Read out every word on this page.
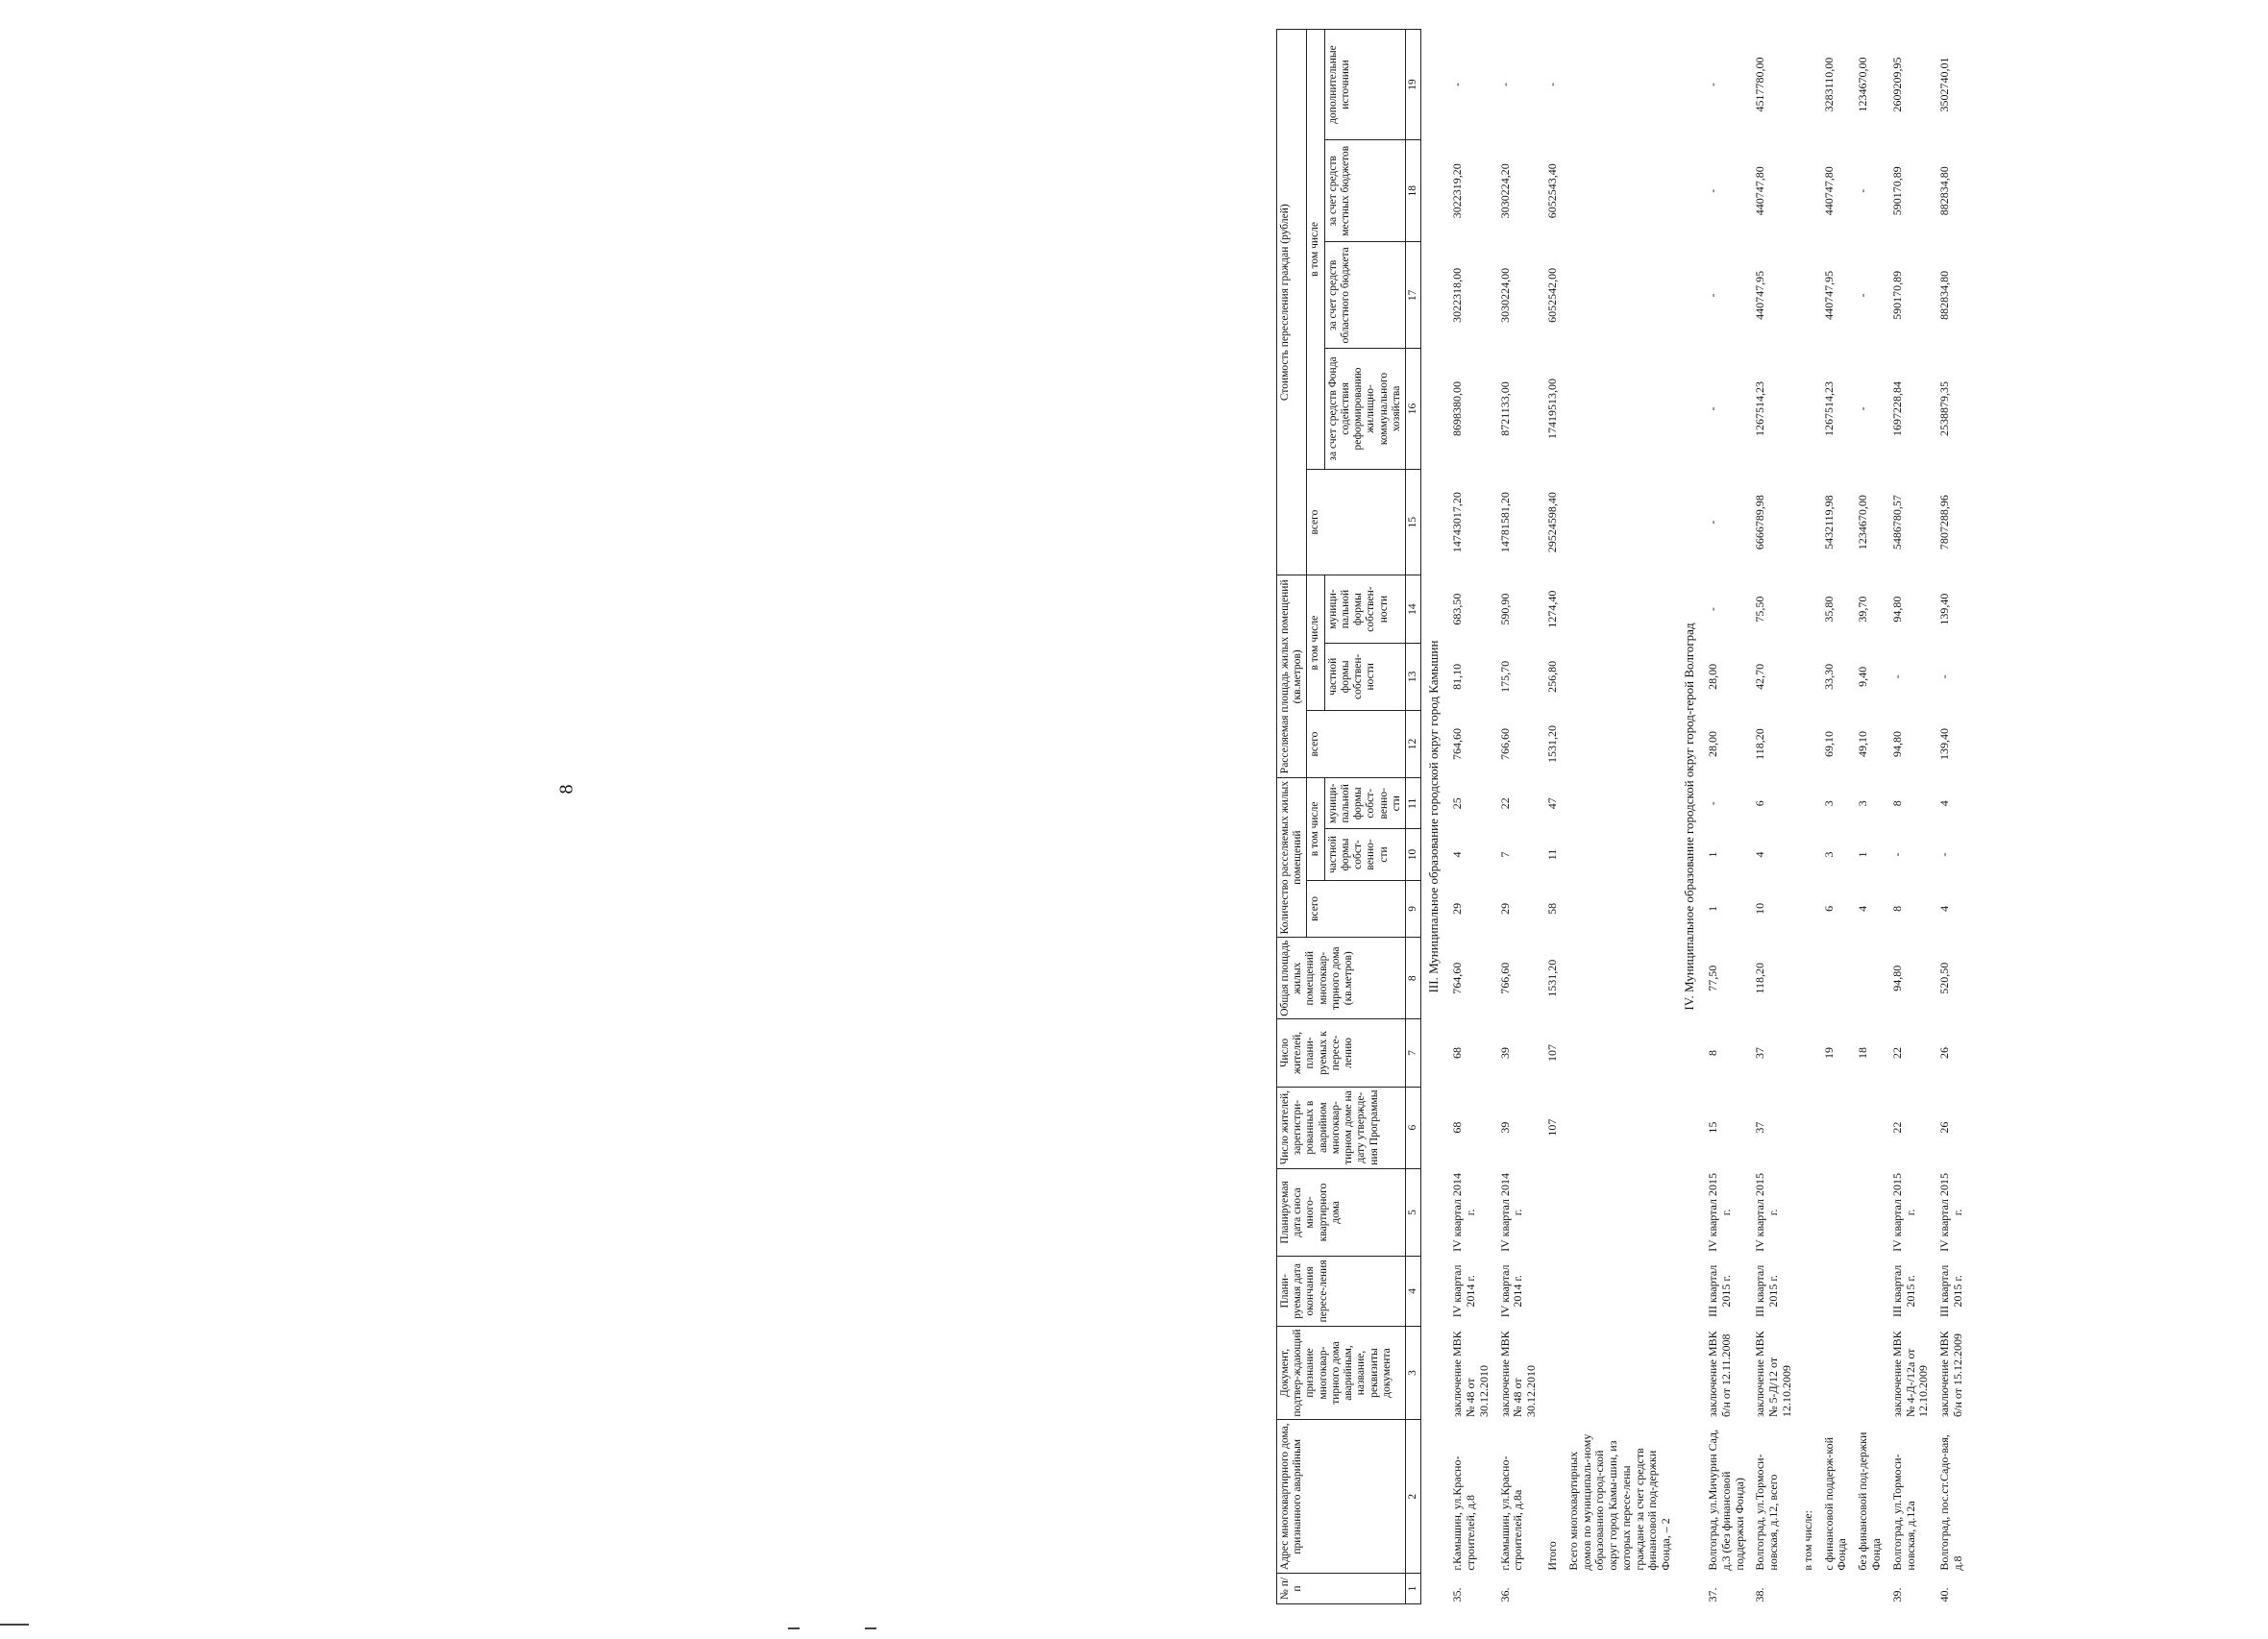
8
№ п/п	Адрес многоквартирного дома, признанного аварийным	Документ, подтвер-ждающий признание многоквар-тирного дома аварийным, название, реквизиты документа	Плани-руемая дата окончания пересе-ления	Планируемая дата сноса много-квартирного дома	Число жителей, зарегистри-рованных в аварийном многоквар-тирном доме на дату утвержде-ния Программы	Число жителей, плани-руемых к пересе-лению	Общая площадь жилых помещений многоквар-тирного дома (кв.метров)	Количество расселяемых жилых помещений			Расселяемая площадь жилых помещений (кв.метров)			Стоимость переселения граждан (рублей)				
								всего	в том числе		всего	в том числе		всего	в том числе			
									частной формы собст-венно-сти	муници-пальной формы собст-венно-сти		частной формы собствен-ности	муници-пальной формы собствен-ности		за счет средств Фонда содействия реформированию жилищно-коммунального хозяйства	за счет средств областного бюджета	за счет средств местных бюджетов	дополнительные источники
1	2	3	4	5	6	7	8	9	10	11	12	13	14	15	16	17	18	19
III. Муниципальное образование городской округ город Камышин																		
35.	г.Камышин, ул.Красно-строителей, д.8	заключение МВК № 48 от 30.12.2010	IV квартал 2014 г.	IV квартал 2014 г.	68	68	764,60	29	4	25	764,60	81,10	683,50	14743017,20	8698380,00	3022318,00	3022319,20	-
36.	г.Камышин, ул.Красно-строителей, д.8а	заключение МВК № 48 от 30.12.2010	IV квартал 2014 г.	IV квартал 2014 г.	39	39	766,60	29	7	22	766,60	175,70	590,90	14781581,20	8721133,00	3030224,00	3030224,20	-
	Итого				107	107	1531,20	58	11	47	1531,20	256,80	1274,40	29524598,40	17419513,00	6052542,00	6052543,40	-
	Всего многоквартирных домов по муниципаль-ному образованию город-ской округ город Камы-шин, из которых пересе-лены граждане за счет средств финансовой под-держки Фонда, – 2																	
IV. Муниципальное образование городской округ город-герой Волгоград																		
37.	Волгоград, ул.Мичурин Сад, д.3 (без финансовой поддержки Фонда)	заключение МВК б/н от 12.11.2008	III квартал 2015 г.	IV квартал 2015 г.	15	8	77,50	1	1	-	28,00	28,00	-	-	-	-	-	-
38.	Волгоград, ул.Тормоси-новская, д.12, всего	заключение МВК № 5-Д/12 от 12.10.2009	III квартал 2015 г.	IV квартал 2015 г.	37	37	118,20	10	4	6	118,20	42,70	75,50	6666789,98	1267514,23	440747,95	440747,80	4517780,00
	в том числе:																	
	с финансовой поддерж-кой Фонда					19		6	3	3	69,10	33,30	35,80	5432119,98	1267514,23	440747,95	440747,80	3283110,00
	без финансовой под-держки Фонда					18		4	1	3	49,10	9,40	39,70	1234670,00	-	-	-	1234670,00
39.	Волгоград, ул.Тормоси-новская, д.12а	заключение МВК № 4-Д-/12а от 12.10.2009	III квартал 2015 г.	IV квартал 2015 г.	22	22	94,80	8	-	8	94,80	-	94,80	5486780,57	1697228,84	590170,89	590170,89	2609209,95
40.	Волгоград, пос.ст.Садо-вая, д.8	заключение МВК б/н от 15.12.2009	III квартал 2015 г.	IV квартал 2015 г.	26	26	520,50	4	-	4	139,40	-	139,40	7807288,96	2538879,35	882834,80	882834,80	3502740,01
